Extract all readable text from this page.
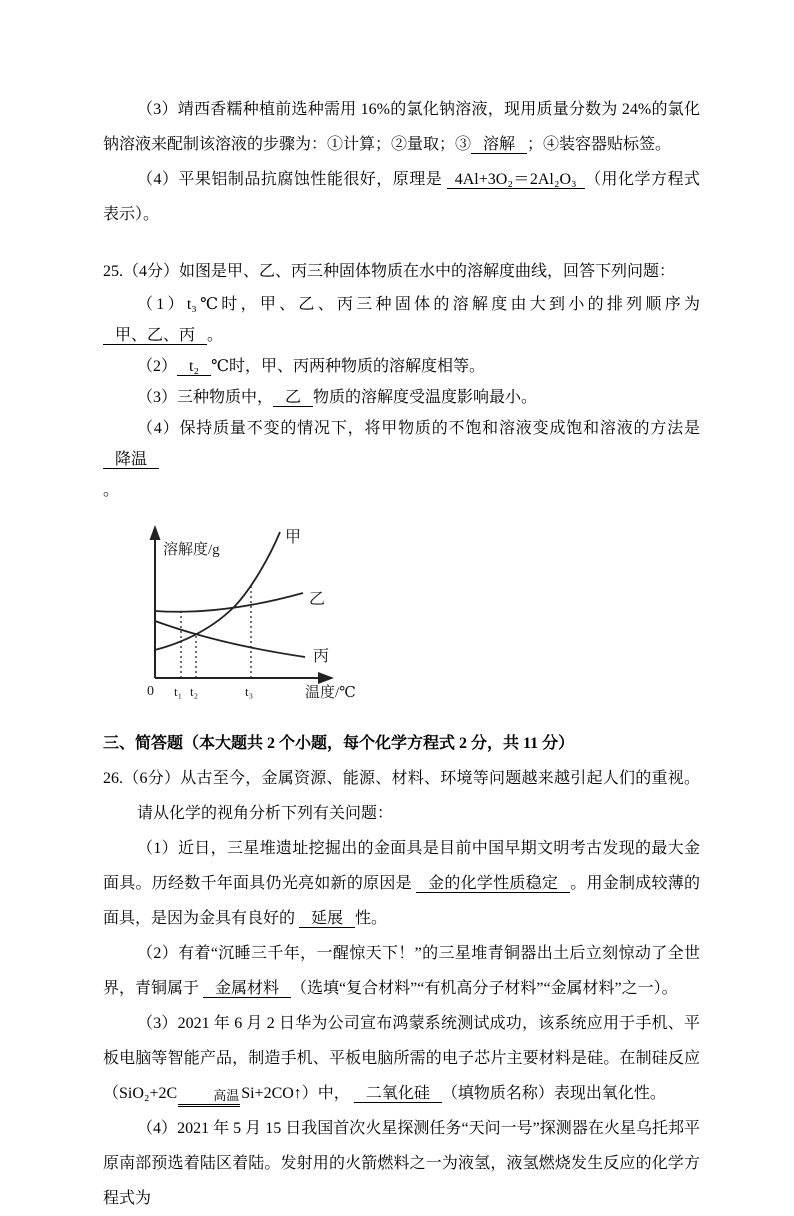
（3）靖西香糯种植前选种需用 16%的氯化钠溶液，现用质量分数为 24%的氯化钠溶液来配制该溶液的步骤为：①计算；②量取；③ 溶解 ；④装容器贴标签。

（4）平果铝制品抗腐蚀性能很好，原理是 4Al+3O₂＝2Al₂O₃ （用化学方程式表示）。

25.（4分）如图是甲、乙、丙三种固体物质在水中的溶解度曲线，回答下列问题：

（1）t₃℃时，甲、乙、丙三种固体的溶解度由大到小的排列顺序为 甲、乙、丙 。

（2） t₂ ℃时，甲、丙两种物质的溶解度相等。

（3）三种物质中， 乙 物质的溶解度受温度影响最小。

（4）保持质量不变的情况下，将甲物质的不饱和溶液变成饱和溶液的方法是　降温
。

溶解度/g
温度/℃
甲
乙
丙
0 t₁ t₂	t₃

三、简答题（本大题共 2 个小题，每个化学方程式 2 分，共 11 分）

26.（6分）从古至今，金属资源、能源、材料、环境等问题越来越引起人们的重视。请从化学的视角分析下列有关问题：

（1）近日，三星堆遗址挖掘出的金面具是目前中国早期文明考古发现的最大金面具。历经数千年面具仍光亮如新的原因是 金的化学性质稳定 。用金制成较薄的面具，是因为金具有良好的 延展 性。

（2）有着“沉睡三千年，一醒惊天下！”的三星堆青铜器出土后立刻惊动了全世界，青铜属于 金属材料 （选填“复合材料”“有机高分子材料”“金属材料”之一）。

（3）2021 年 6 月 2 日华为公司宣布鸿蒙系统测试成功，该系统应用于手机、平板电脑等智能产品，制造手机、平板电脑所需的电子芯片主要材料是硅。在制硅反应（SiO₂+2C	高温 Si+2CO↑）中， 二氧化硅 （填物质名称）表现出氧化性。

（4）2021 年 5 月 15 日我国首次火星探测任务“天问一号”探测器在火星乌托邦平原南部预选着陆区着陆。发射用的火箭燃料之一为液氢，液氢燃烧发生反应的化学方程式为
